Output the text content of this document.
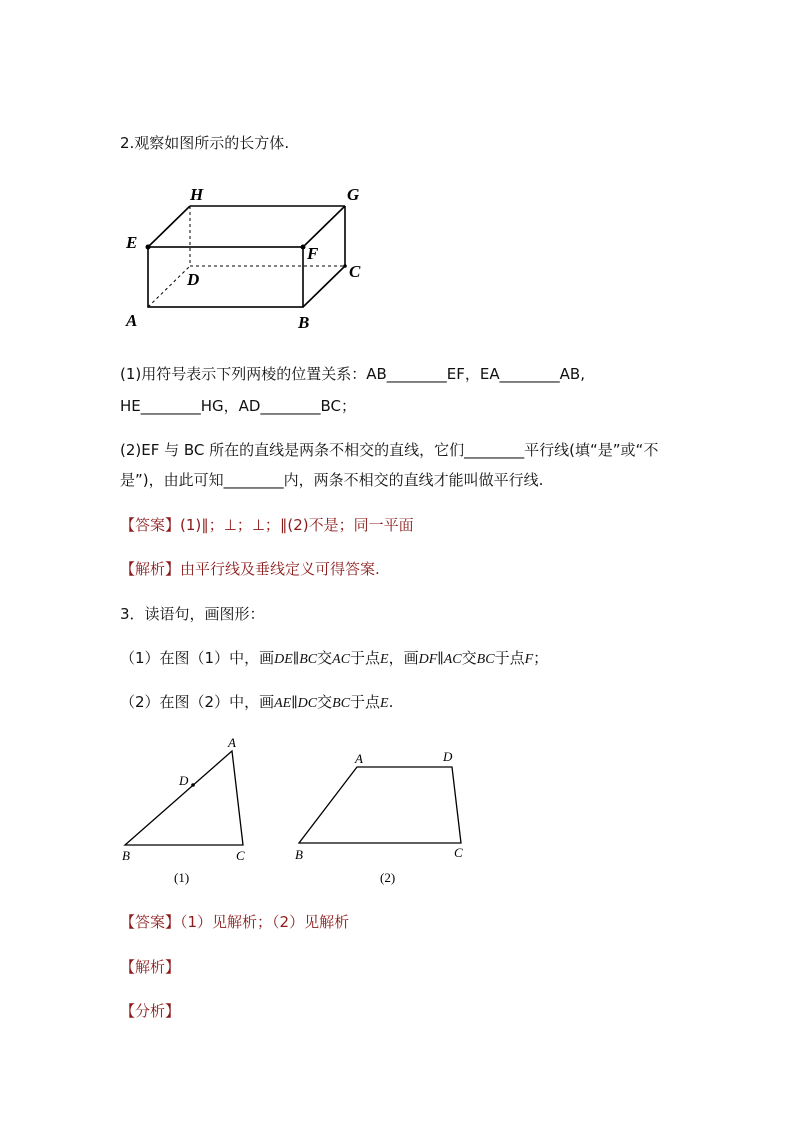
2.观察如图所示的长方体.
E
H	G
F
D	C
A	B
(1)用符号表示下列两棱的位置关系：AB________EF，EA________AB,
HE________HG，AD________BC；
(2)EF 与 BC 所在的直线是两条不相交的直线，它们________平行线(填“是”或“不
是”)，由此可知________内，两条不相交的直线才能叫做平行线.
【答案】(1)∥；⊥；⊥；∥(2)不是；同一平面
【解析】由平行线及垂线定义可得答案.
3．读语句，画图形：
（1）在图（1）中，画DE∥BC交AC于点E，画DF∥AC交BC于点F；
（2）在图（2）中，画AE∥DC交BC于点E.
A
D
B	C
(1)
A	D
B	C
(2)
【答案】（1）见解析；（2）见解析
【解析】
【分析】
